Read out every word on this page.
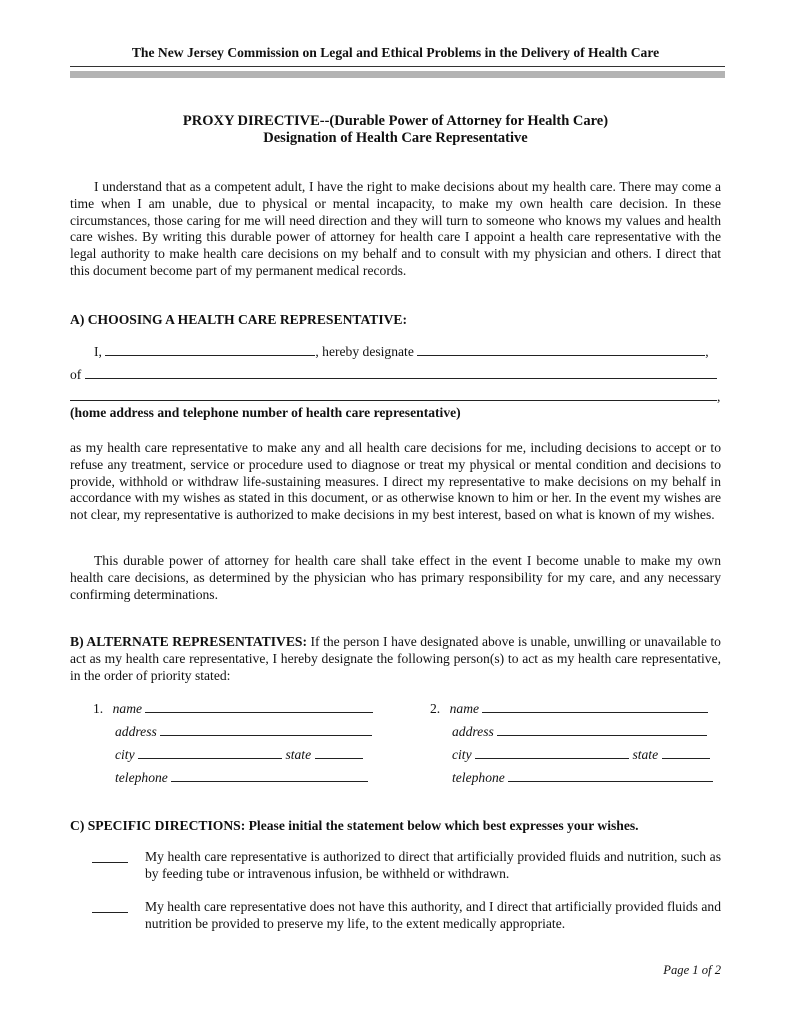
The New Jersey Commission on Legal and Ethical Problems in the Delivery of Health Care
PROXY DIRECTIVE--(Durable Power of Attorney for Health Care)
Designation of Health Care Representative
I understand that as a competent adult, I have the right to make decisions about my health care. There may come a time when I am unable, due to physical or mental incapacity, to make my own health care decision. In these circumstances, those caring for me will need direction and they will turn to someone who knows my values and health care wishes. By writing this durable power of attorney for health care I appoint a health care representative with the legal authority to make health care decisions on my behalf and to consult with my physician and others. I direct that this document become part of my permanent medical records.
A) CHOOSING A HEALTH CARE REPRESENTATIVE:
I,	, hereby designate	,
of
,
(home address and telephone number of health care representative)
as my health care representative to make any and all health care decisions for me, including decisions to accept or to refuse any treatment, service or procedure used to diagnose or treat my physical or mental condition and decisions to provide, withhold or withdraw life-sustaining measures. I direct my representative to make decisions on my behalf in accordance with my wishes as stated in this document, or as otherwise known to him or her. In the event my wishes are not clear, my representative is authorized to make decisions in my best interest, based on what is known of my wishes.
This durable power of attorney for health care shall take effect in the event I become unable to make my own health care decisions, as determined by the physician who has primary responsibility for my care, and any necessary confirming determinations.
B) ALTERNATE REPRESENTATIVES: If the person I have designated above is unable, unwilling or unavailable to act as my health care representative, I hereby designate the following person(s) to act as my health care representative, in the order of priority stated:
1. name
address
city	state
telephone
2. name
address
city	state
telephone
C) SPECIFIC DIRECTIONS: Please initial the statement below which best expresses your wishes.
My health care representative is authorized to direct that artificially provided fluids and nutrition, such as by feeding tube or intravenous infusion, be withheld or withdrawn.
My health care representative does not have this authority, and I direct that artificially provided fluids and nutrition be provided to preserve my life, to the extent medically appropriate.
Page 1 of 2
